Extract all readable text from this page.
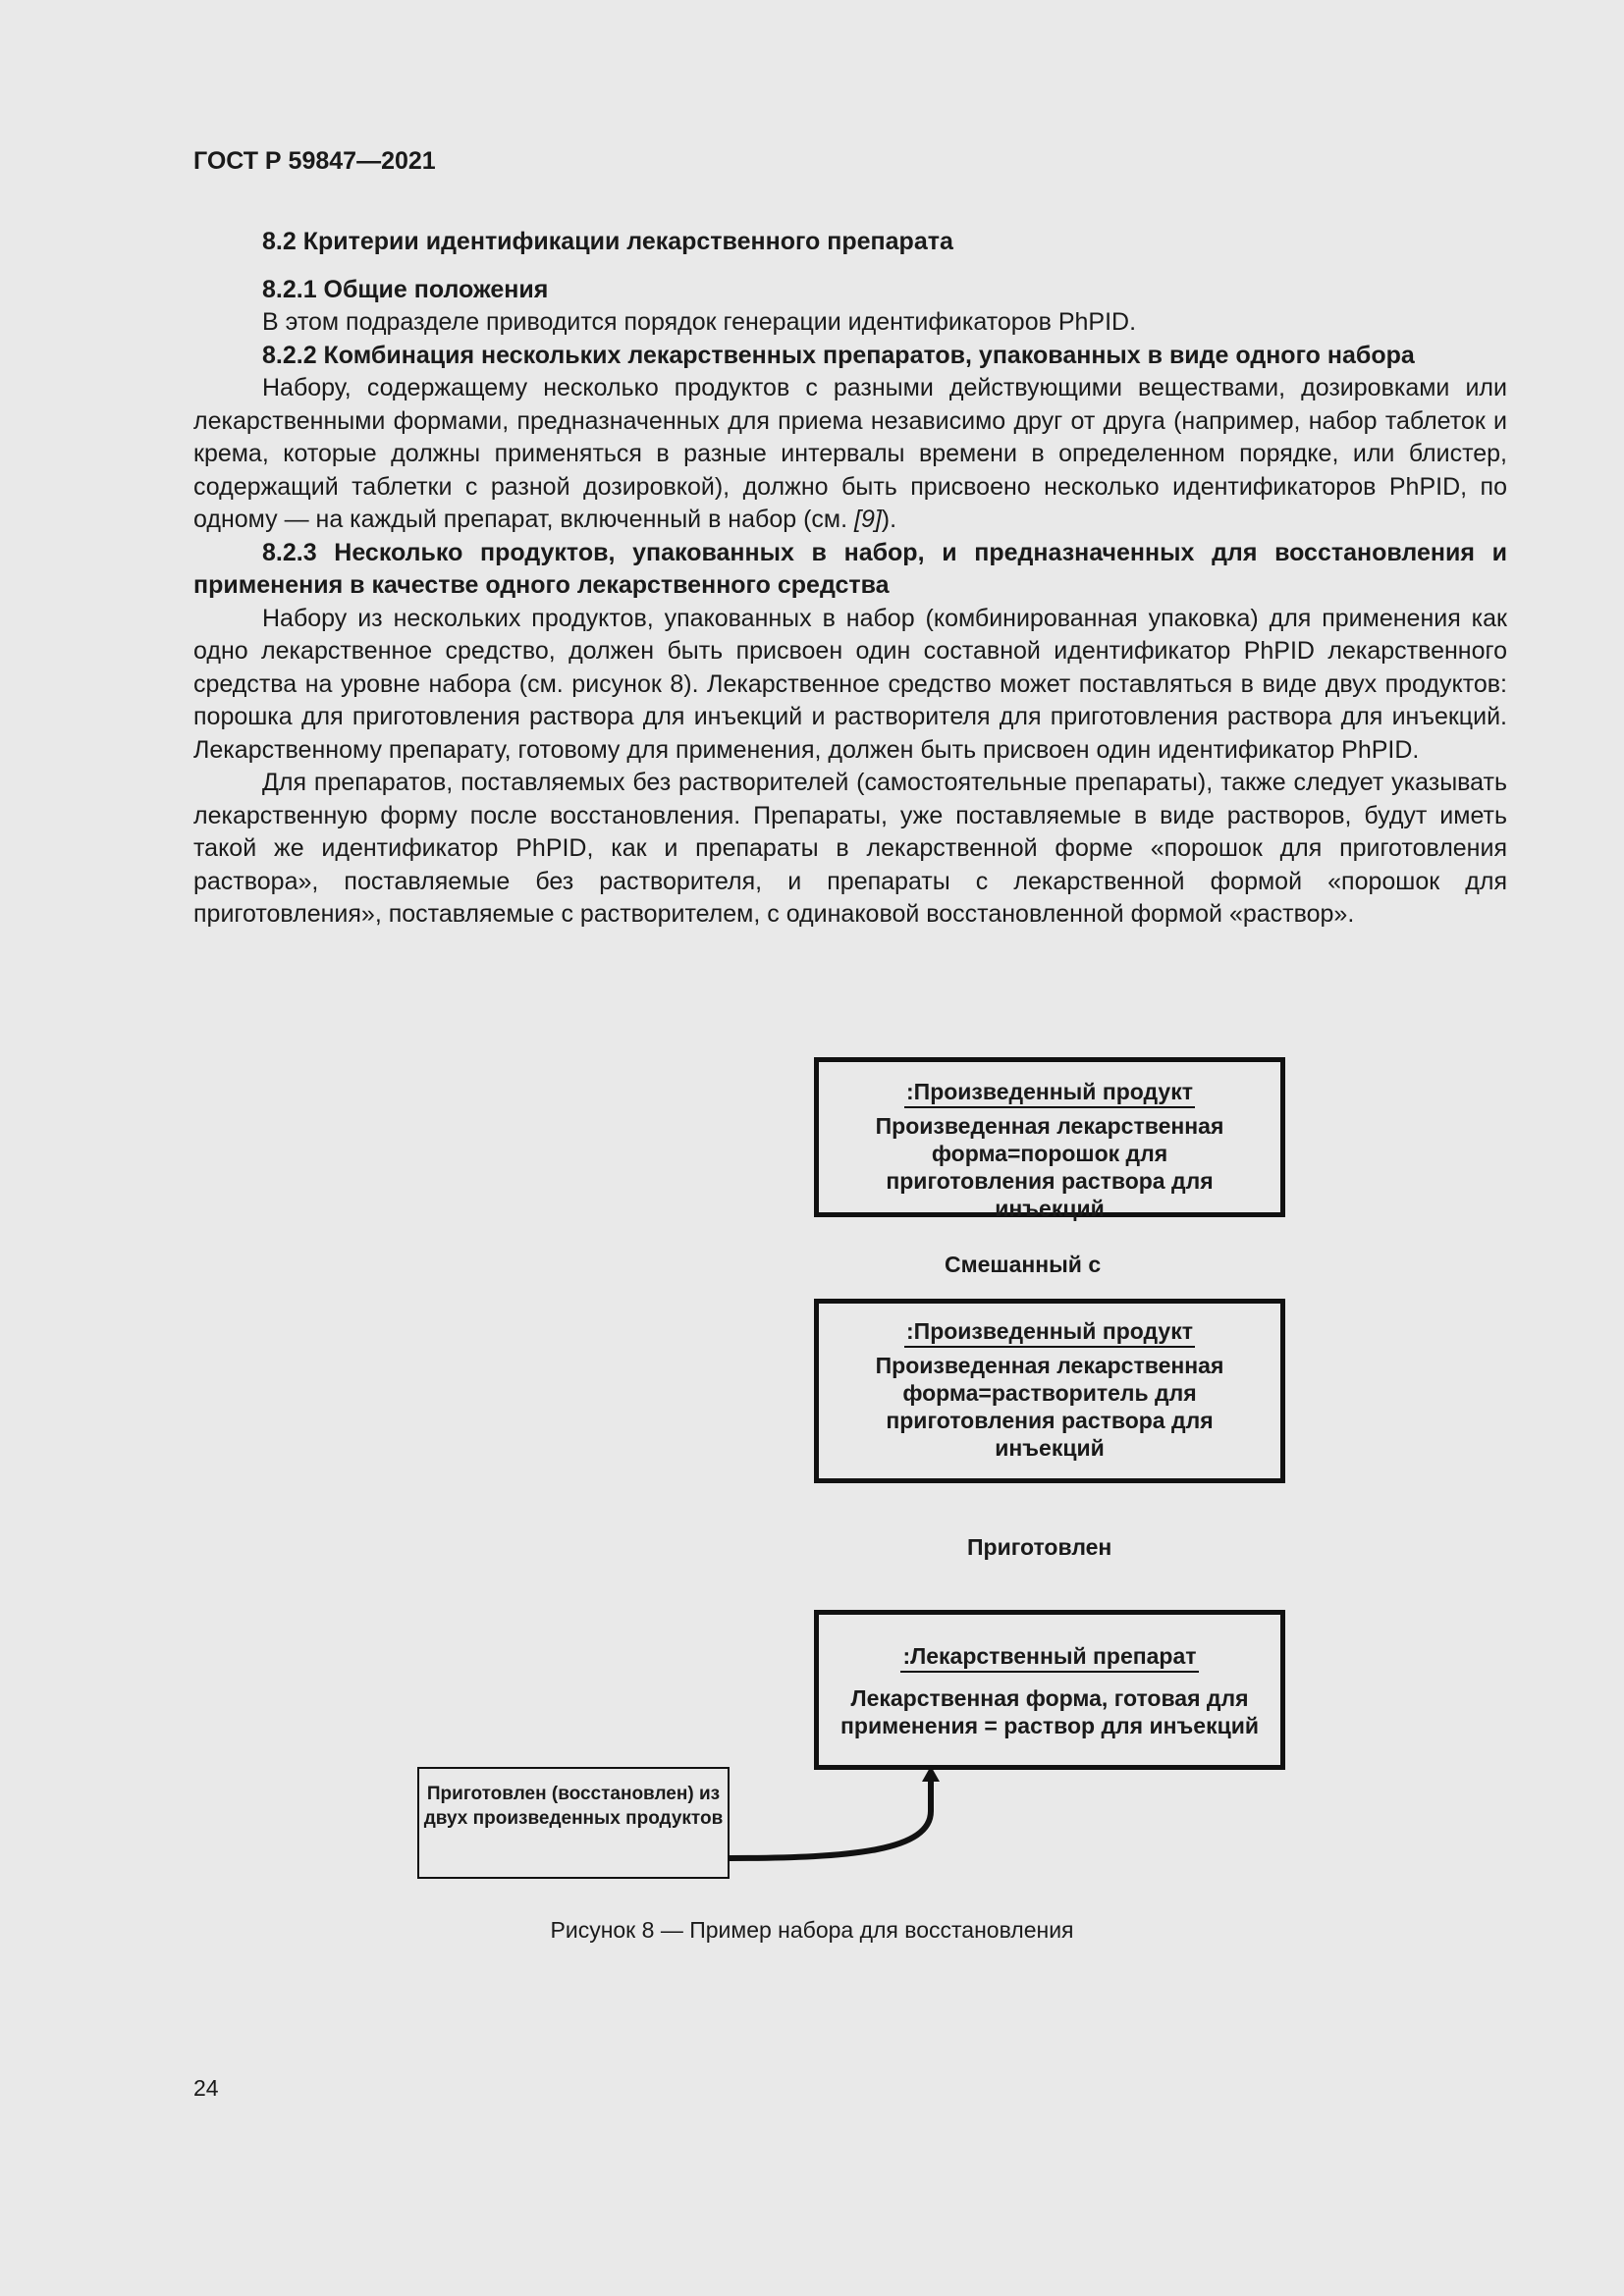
ГОСТ Р 59847—2021

8.2 Критерии идентификации лекарственного препарата

8.2.1 Общие положения

В этом подразделе приводится порядок генерации идентификаторов PhPID.

8.2.2 Комбинация нескольких лекарственных препаратов, упакованных в виде одного набора

Набору, содержащему несколько продуктов с разными действующими веществами, дозировками или лекарственными формами, предназначенных для приема независимо друг от друга (например, набор таблеток и крема, которые должны применяться в разные интервалы времени в определенном порядке, или блистер, содержащий таблетки с разной дозировкой), должно быть присвоено несколько идентификаторов PhPID, по одному — на каждый препарат, включенный в набор (см. [9]).

8.2.3 Несколько продуктов, упакованных в набор, и предназначенных для восстановления и применения в качестве одного лекарственного средства

Набору из нескольких продуктов, упакованных в набор (комбинированная упаковка) для применения как одно лекарственное средство, должен быть присвоен один составной идентификатор PhPID лекарственного средства на уровне набора (см. рисунок 8). Лекарственное средство может поставляться в виде двух продуктов: порошка для приготовления раствора для инъекций и растворителя для приготовления раствора для инъекций. Лекарственному препарату, готовому для применения, должен быть присвоен один идентификатор PhPID.

Для препаратов, поставляемых без растворителей (самостоятельные препараты), также следует указывать лекарственную форму после восстановления. Препараты, уже поставляемые в виде растворов, будут иметь такой же идентификатор PhPID, как и препараты в лекарственной форме «порошок для приготовления раствора», поставляемые без растворителя, и препараты с лекарственной формой «порошок для приготовления», поставляемые с растворителем, с одинаковой восстановленной формой «раствор».

:Произведенный продукт
Произведенная лекарственная форма=порошок для приготовления раствора для инъекций
Смешанный с
:Произведенный продукт
Произведенная лекарственная форма=растворитель для приготовления раствора для инъекций
Приготовлен
:Лекарственный препарат
Лекарственная форма, готовая для применения = раствор для инъекций
Приготовлен (восстановлен) из двух произведенных продуктов
Рисунок 8 — Пример набора для восстановления
24
